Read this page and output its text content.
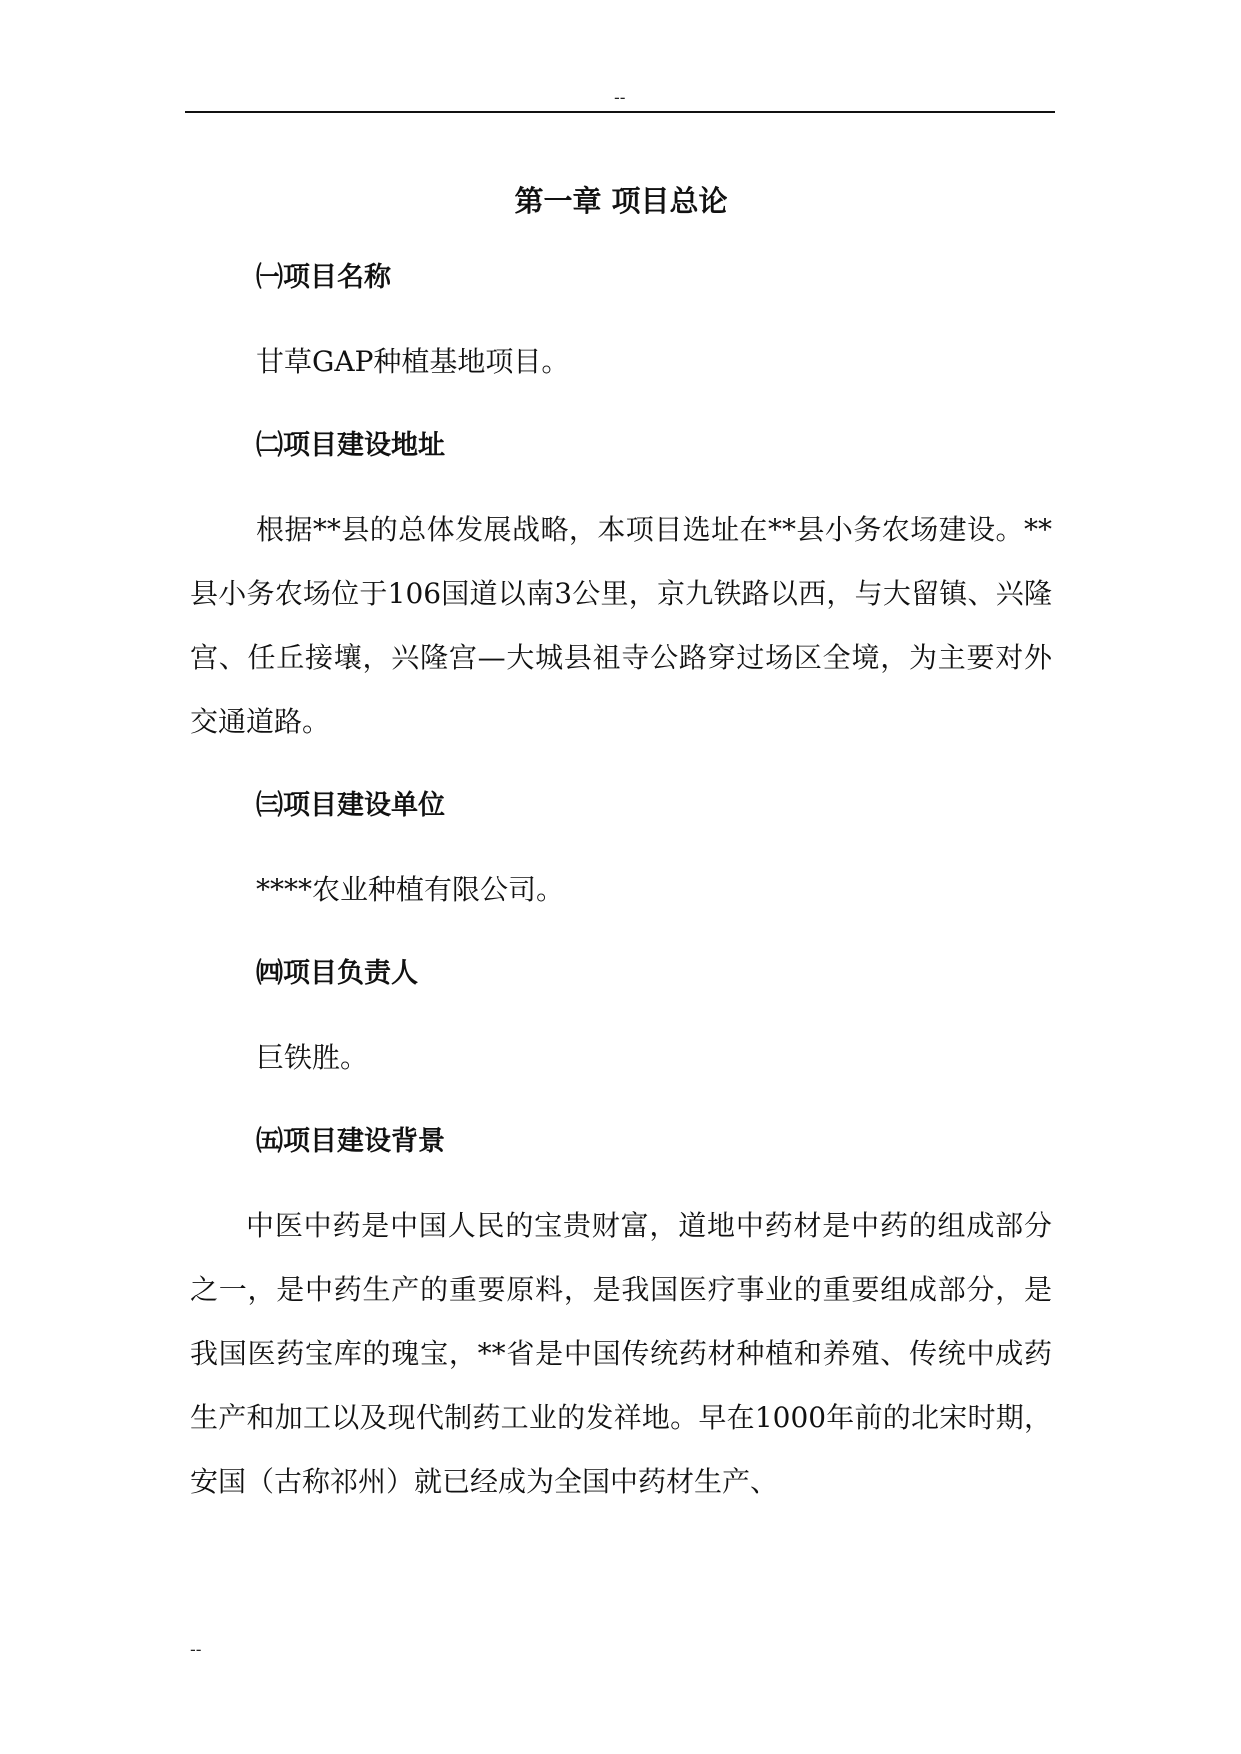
--
第一章 项目总论
㈠项目名称

甘草GAP种植基地项目。

㈡项目建设地址

根据**县的总体发展战略，本项目选址在**县小务农场建设。**县小务农场位于106国道以南3公里，京九铁路以西，与大留镇、兴隆宫、任丘接壤，兴隆宫—大城县祖寺公路穿过场区全境，为主要对外交通道路。

㈢项目建设单位

****农业种植有限公司。

㈣项目负责人

巨铁胜。

㈤项目建设背景

中医中药是中国人民的宝贵财富，道地中药材是中药的组成部分之一，是中药生产的重要原料，是我国医疗事业的重要组成部分，是我国医药宝库的瑰宝，**省是中国传统药材种植和养殖、传统中成药生产和加工以及现代制药工业的发祥地。早在1000年前的北宋时期，安国（古称祁州）就已经成为全国中药材生产、

--
